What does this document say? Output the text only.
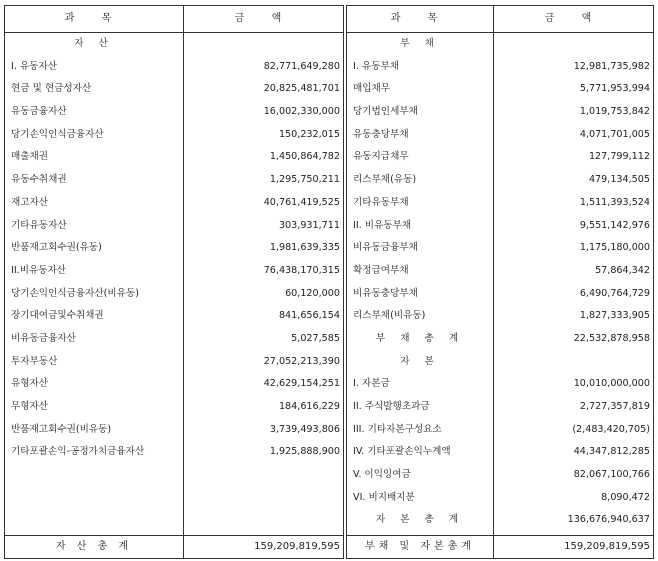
과 목	금 액
자 산
I. 유동자산	82,771,649,280
현금 및 현금성자산	20,825,481,701
유동금융자산	16,002,330,000
당기손익인식금융자산	150,232,015
매출채권	1,450,864,782
유동수취채권	1,295,750,211
재고자산	40,761,419,525
기타유동자산	303,931,711
반품재고회수권(유동)	1,981,639,335
II.비유동자산	76,438,170,315
당기손익인식금융자산(비유동)	60,120,000
장기대여금및수취채권	841,656,154
비유동금융자산	5,027,585
투자부동산	27,052,213,390
유형자산	42,629,154,251
무형자산	184,616,229
반품재고회수권(비유동)	3,739,493,806
기타포괄손익-공정가치금융자산	1,925,888,900
자 산 총 계	159,209,819,595
과 목	금 액
부 채
I. 유동부채	12,981,735,982
매입채무	5,771,953,994
당기법인세부채	1,019,753,842
유동충당부채	4,071,701,005
유동지급채무	127,799,112
리스부채(유동)	479,134,505
기타유동부채	1,511,393,524
II. 비유동부채	9,551,142,976
비유동금융부채	1,175,180,000
확정급여부채	57,864,342
비유동충당부채	6,490,764,729
리스부채(비유동)	1,827,333,905
부 채 총 계	22,532,878,958
자 본
I. 자본금	10,010,000,000
II. 주식발행초과금	2,727,357,819
III. 기타자본구성요소	(2,483,420,705)
IV. 기타포괄손익누계액	44,347,812,285
V. 이익잉여금	82,067,100,766
VI. 비지배지분	8,090,472
자 본 총 계	136,676,940,637
부채 및 자본총계	159,209,819,595
